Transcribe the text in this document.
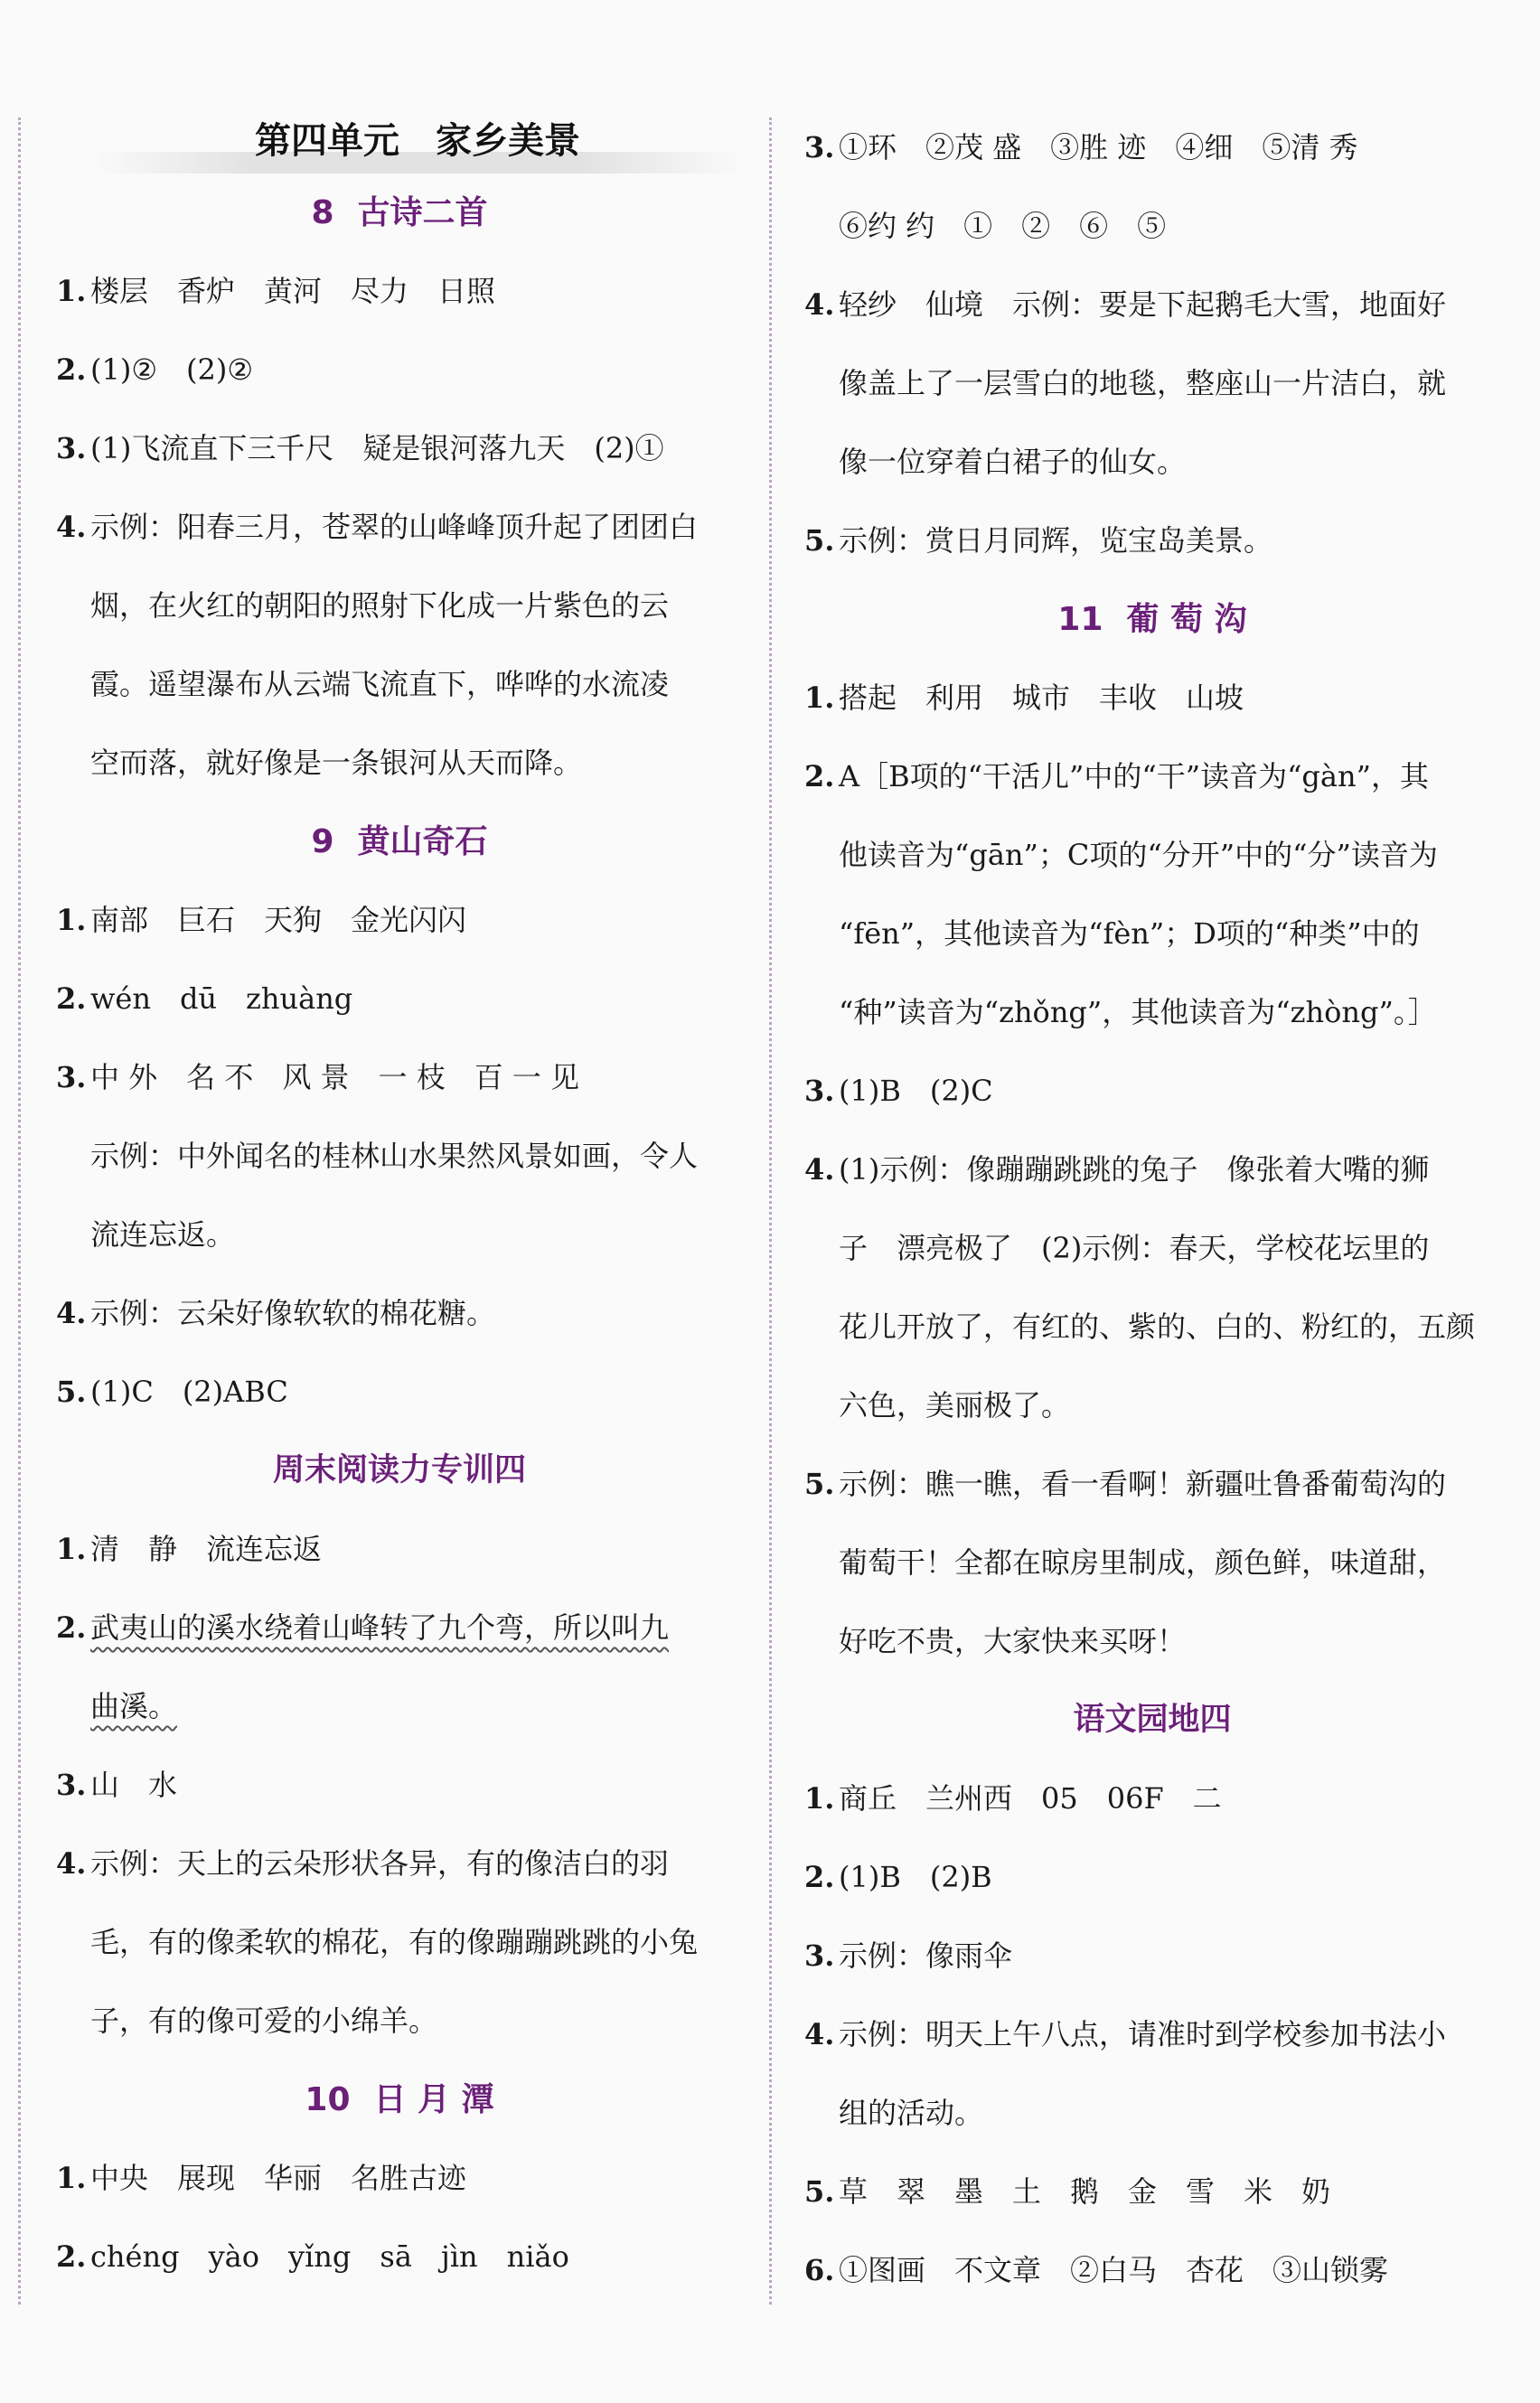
第四单元　家乡美景
8 古诗二首
1. 楼层　香炉　黄河　尽力　日照
2. (1)②　(2)②
3. (1)飞流直下三千尺　疑是银河落九天　(2)①
4. 示例：阳春三月，苍翠的山峰峰顶升起了团团白
烟，在火红的朝阳的照射下化成一片紫色的云
霞。遥望瀑布从云端飞流直下，哗哗的水流凌
空而落，就好像是一条银河从天而降。
9 黄山奇石
1. 南部　巨石　天狗　金光闪闪
2. wén　dū　zhuàng
3. 中 外　名 不　风 景　一 枝　百 一 见
示例：中外闻名的桂林山水果然风景如画，令人
流连忘返。
4. 示例：云朵好像软软的棉花糖。
5. (1)C　(2)ABC
周末阅读力专训四
1. 清　静　流连忘返
2. 武夷山的溪水绕着山峰转了九个弯，所以叫九
曲溪。
3. 山　水
4. 示例：天上的云朵形状各异，有的像洁白的羽
毛，有的像柔软的棉花，有的像蹦蹦跳跳的小兔
子，有的像可爱的小绵羊。
10 日 月 潭
1. 中央　展现　华丽　名胜古迹
2. chéng　yào　yǐng　sā　jìn　niǎo
3. ①环　②茂 盛　③胜 迹　④细　⑤清 秀
⑥约 约　①　②　⑥　⑤
4. 轻纱　仙境　示例：要是下起鹅毛大雪，地面好
像盖上了一层雪白的地毯，整座山一片洁白，就
像一位穿着白裙子的仙女。
5. 示例：赏日月同辉，览宝岛美景。
11 葡 萄 沟
1. 搭起　利用　城市　丰收　山坡
2. A［B项的“干活儿”中的“干”读音为“gàn”，其
他读音为“gān”；C项的“分开”中的“分”读音为
“fēn”，其他读音为“fèn”；D项的“种类”中的
“种”读音为“zhǒng”，其他读音为“zhòng”。］
3. (1)B　(2)C
4. (1)示例：像蹦蹦跳跳的兔子　像张着大嘴的狮
子　漂亮极了　(2)示例：春天，学校花坛里的
花儿开放了，有红的、紫的、白的、粉红的，五颜
六色，美丽极了。
5. 示例：瞧一瞧，看一看啊！新疆吐鲁番葡萄沟的
葡萄干！全都在晾房里制成，颜色鲜，味道甜，
好吃不贵，大家快来买呀！
语文园地四
1. 商丘　兰州西　05　06F　二
2. (1)B　(2)B
3. 示例：像雨伞
4. 示例：明天上午八点，请准时到学校参加书法小
组的活动。
5. 草　翠　墨　土　鹅　金　雪　米　奶
6. ①图画　不文章　②白马　杏花　③山锁雾
